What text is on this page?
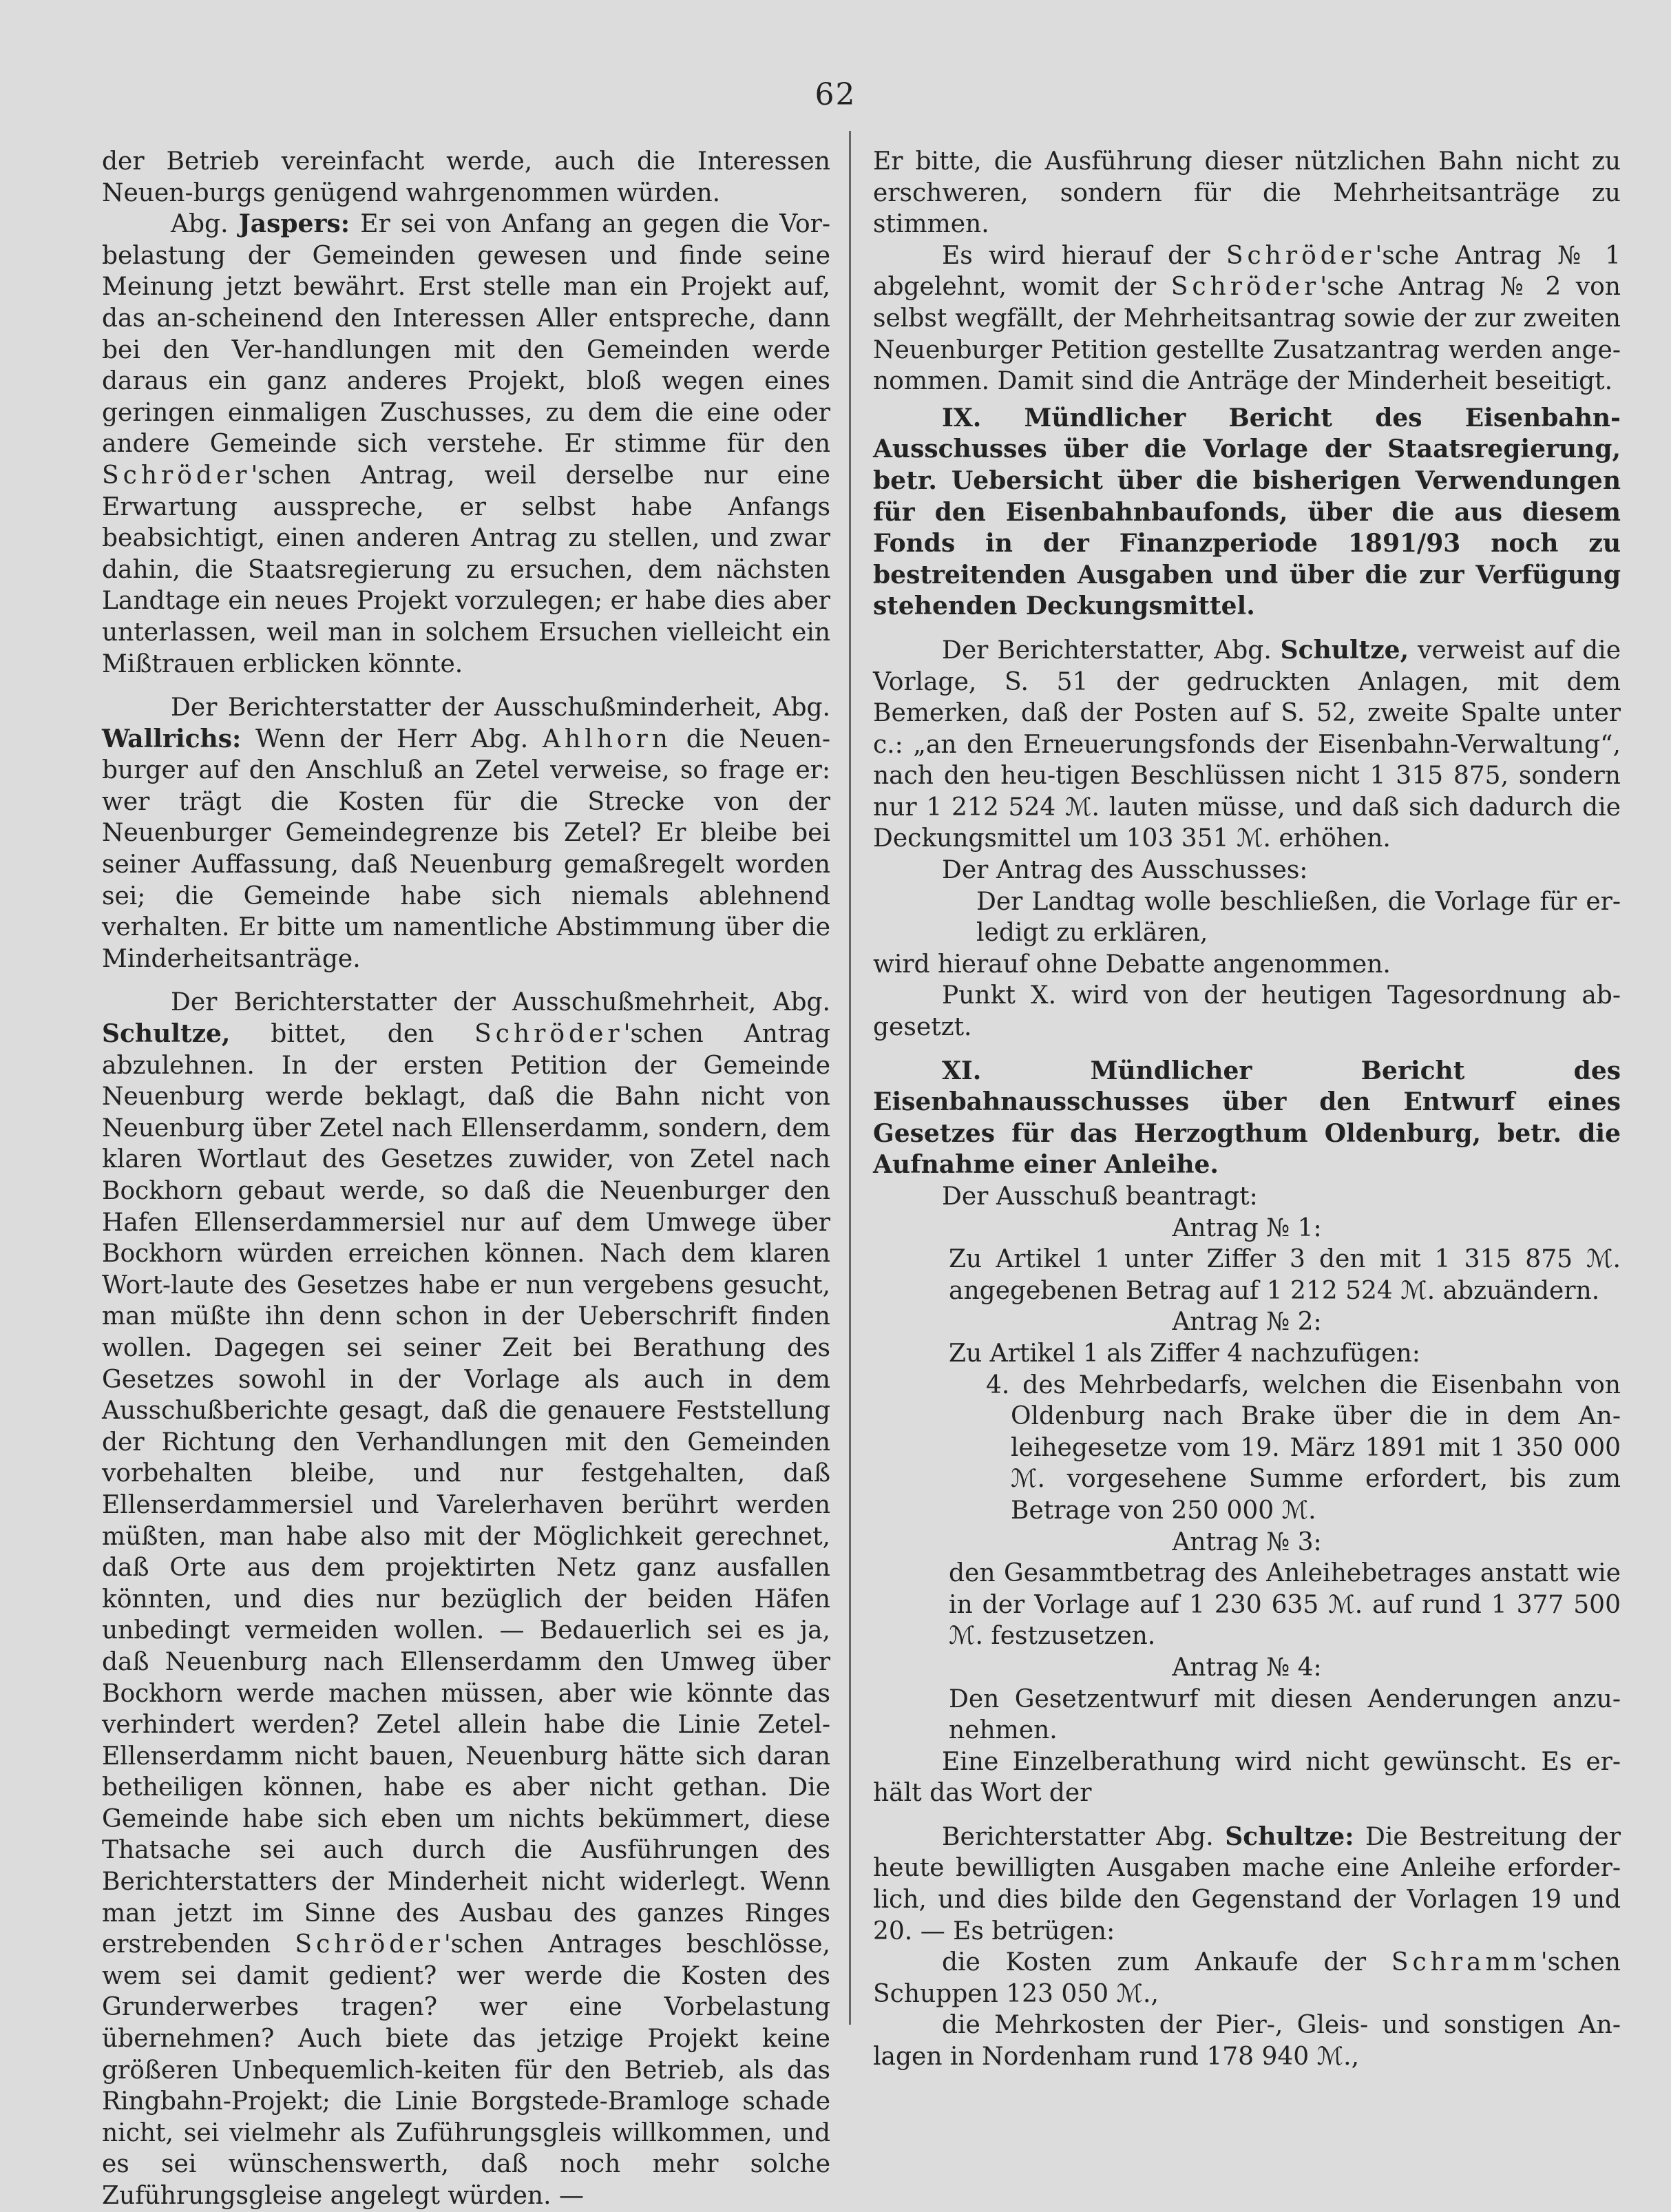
62

der Betrieb vereinfacht werde, auch die Interessen Neuen-burgs genügend wahrgenommen würden.

Abg. Jaspers: Er sei von Anfang an gegen die Vor-belastung der Gemeinden gewesen und finde seine Meinung jetzt bewährt. Erst stelle man ein Projekt auf, das an-scheinend den Interessen Aller entspreche, dann bei den Ver-handlungen mit den Gemeinden werde daraus ein ganz anderes Projekt, bloß wegen eines geringen einmaligen Zuschusses, zu dem die eine oder andere Gemeinde sich verstehe. Er stimme für den Schröder'schen Antrag, weil derselbe nur eine Erwartung ausspreche, er selbst habe Anfangs beabsichtigt, einen anderen Antrag zu stellen, und zwar dahin, die Staatsregierung zu ersuchen, dem nächsten Landtage ein neues Projekt vorzulegen; er habe dies aber unterlassen, weil man in solchem Ersuchen vielleicht ein Mißtrauen erblicken könnte.

Der Berichterstatter der Ausschußminderheit, Abg. Wallrichs: Wenn der Herr Abg. Ahlhorn die Neuen-burger auf den Anschluß an Zetel verweise, so frage er: wer trägt die Kosten für die Strecke von der Neuenburger Gemeindegrenze bis Zetel? Er bleibe bei seiner Auffassung, daß Neuenburg gemaßregelt worden sei; die Gemeinde habe sich niemals ablehnend verhalten. Er bitte um namentliche Abstimmung über die Minderheitsanträge.

Der Berichterstatter der Ausschußmehrheit, Abg. Schultze, bittet, den Schröder'schen Antrag abzulehnen. In der ersten Petition der Gemeinde Neuenburg werde beklagt, daß die Bahn nicht von Neuenburg über Zetel nach Ellenserdamm, sondern, dem klaren Wortlaut des Gesetzes zuwider, von Zetel nach Bockhorn gebaut werde, so daß die Neuenburger den Hafen Ellenserdammersiel nur auf dem Umwege über Bockhorn würden erreichen können. Nach dem klaren Wort-laute des Gesetzes habe er nun vergebens gesucht, man müßte ihn denn schon in der Ueberschrift finden wollen. Dagegen sei seiner Zeit bei Berathung des Gesetzes sowohl in der Vorlage als auch in dem Ausschußberichte gesagt, daß die genauere Feststellung der Richtung den Verhandlungen mit den Gemeinden vorbehalten bleibe, und nur festgehalten, daß Ellenserdammersiel und Varelerhaven berührt werden müßten, man habe also mit der Möglichkeit gerechnet, daß Orte aus dem projektirten Netz ganz ausfallen könnten, und dies nur bezüglich der beiden Häfen unbedingt vermeiden wollen. — Bedauerlich sei es ja, daß Neuenburg nach Ellenserdamm den Umweg über Bockhorn werde machen müssen, aber wie könnte das verhindert werden? Zetel allein habe die Linie Zetel-Ellenserdamm nicht bauen, Neuenburg hätte sich daran betheiligen können, habe es aber nicht gethan. Die Gemeinde habe sich eben um nichts bekümmert, diese Thatsache sei auch durch die Ausführungen des Berichterstatters der Minderheit nicht widerlegt. Wenn man jetzt im Sinne des Ausbau des ganzes Ringes erstrebenden Schröder'schen Antrages beschlösse, wem sei damit gedient? wer werde die Kosten des Grunderwerbes tragen? wer eine Vorbelastung übernehmen? Auch biete das jetzige Projekt keine größeren Unbequemlich-keiten für den Betrieb, als das Ringbahn-Projekt; die Linie Borgstede-Bramloge schade nicht, sei vielmehr als Zuführungsgleis willkommen, und es sei wünschenswerth, daß noch mehr solche Zuführungsgleise angelegt würden. —

Er bitte, die Ausführung dieser nützlichen Bahn nicht zu erschweren, sondern für die Mehrheitsanträge zu stimmen.

Es wird hierauf der Schröder'sche Antrag № 1 abgelehnt, womit der Schröder'sche Antrag № 2 von selbst wegfällt, der Mehrheitsantrag sowie der zur zweiten Neuenburger Petition gestellte Zusatzantrag werden ange-nommen. Damit sind die Anträge der Minderheit beseitigt.

IX. Mündlicher Bericht des Eisenbahn-Ausschusses über die Vorlage der Staatsregierung, betr. Uebersicht über die bisherigen Verwendungen für den Eisenbahnbaufonds, über die aus diesem Fonds in der Finanzperiode 1891/93 noch zu bestreitenden Ausgaben und über die zur Verfügung stehenden Deckungsmittel.

Der Berichterstatter, Abg. Schultze, verweist auf die Vorlage, S. 51 der gedruckten Anlagen, mit dem Bemerken, daß der Posten auf S. 52, zweite Spalte unter c.: „an den Erneuerungsfonds der Eisenbahn-Verwaltung“, nach den heu-tigen Beschlüssen nicht 1 315 875, sondern nur 1 212 524 ℳ. lauten müsse, und daß sich dadurch die Deckungsmittel um 103 351 ℳ. erhöhen.

Der Antrag des Ausschusses:

Der Landtag wolle beschließen, die Vorlage für er-ledigt zu erklären,

wird hierauf ohne Debatte angenommen.

Punkt X. wird von der heutigen Tagesordnung ab-gesetzt.

XI. Mündlicher Bericht des Eisenbahnausschusses über den Entwurf eines Gesetzes für das Herzogthum Oldenburg, betr. die Aufnahme einer Anleihe.

Der Ausschuß beantragt:

Antrag № 1:

Zu Artikel 1 unter Ziffer 3 den mit 1 315 875 ℳ. angegebenen Betrag auf 1 212 524 ℳ. abzuändern.

Antrag № 2:

Zu Artikel 1 als Ziffer 4 nachzufügen:

4. des Mehrbedarfs, welchen die Eisenbahn von Oldenburg nach Brake über die in dem An-leihegesetze vom 19. März 1891 mit 1 350 000 ℳ. vorgesehene Summe erfordert, bis zum Betrage von 250 000 ℳ.

Antrag № 3:

den Gesammtbetrag des Anleihebetrages anstatt wie in der Vorlage auf 1 230 635 ℳ. auf rund 1 377 500 ℳ. festzusetzen.

Antrag № 4:

Den Gesetzentwurf mit diesen Aenderungen anzu-nehmen.

Eine Einzelberathung wird nicht gewünscht. Es er-hält das Wort der

Berichterstatter Abg. Schultze: Die Bestreitung der heute bewilligten Ausgaben mache eine Anleihe erforder-lich, und dies bilde den Gegenstand der Vorlagen 19 und 20. — Es betrügen:

die Kosten zum Ankaufe der Schramm'schen Schuppen 123 050 ℳ.,

die Mehrkosten der Pier-, Gleis- und sonstigen An-lagen in Nordenham rund 178 940 ℳ.,
